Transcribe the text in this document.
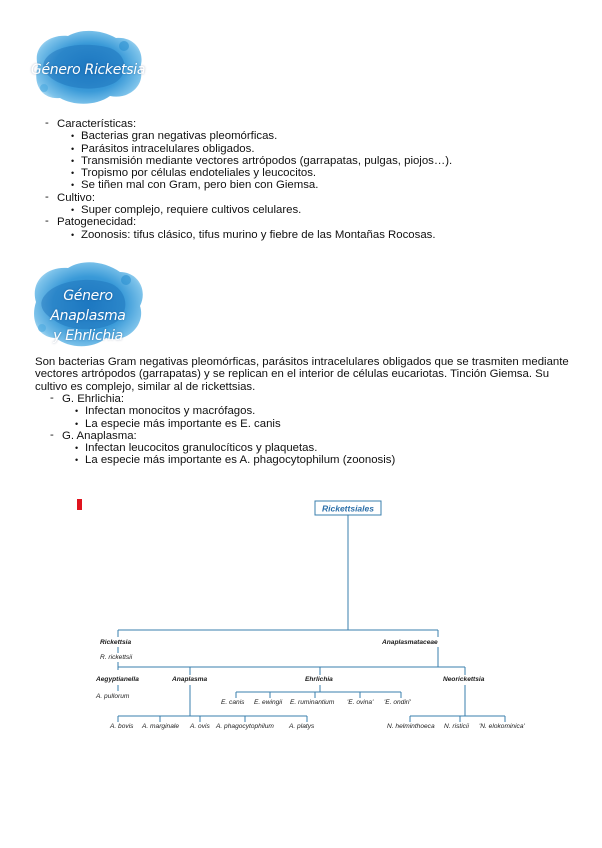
Género Ricketsia
- Características:
• Bacterias gran negativas pleomórficas.
• Parásitos intracelulares obligados.
• Transmisión mediante vectores artrópodos (garrapatas, pulgas, piojos…).
• Tropismo por células endoteliales y leucocitos.
• Se tiñen mal con Gram, pero bien con Giemsa.
- Cultivo:
• Super complejo, requiere cultivos celulares.
- Patogenecidad:
• Zoonosis: tifus clásico, tifus murino y fiebre de las Montañas Rocosas.
Género Anaplasma
y Ehrlichia
Son bacterias Gram negativas pleomórficas, parásitos intracelulares obligados que se trasmiten mediante vectores artrópodos (garrapatas) y se replican en el interior de células eucariotas. Tinción Giemsa. Su cultivo es complejo, similar al de rickettsias.
- G. Ehrlichia:
• Infectan monocitos y macrófagos.
• La especie más importante es E. canis
- G. Anaplasma:
• Infectan leucocitos granulocíticos y plaquetas.
• La especie más importante es A. phagocytophilum (zoonosis)
Rickettsiales
Rickettsia	Anaplasmataceae
R. rickettsii
Aegyptianella	Anaplasma	Ehrlichia	Neorickettsia
A. pullorum
A. bovis A. marginale A. ovis A. phagocytophilum A. platys
E. canis E. ewingii E. ruminantium 'E. ovina' 'E. ondiri'
N. helminthoeca N. risticii 'N. elokominica'
